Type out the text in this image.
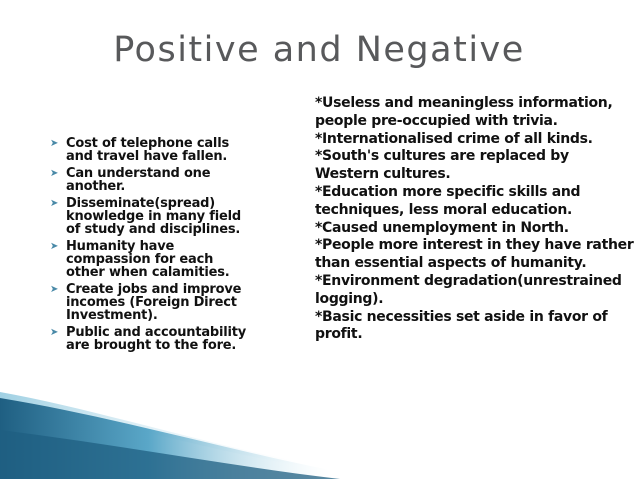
Positive and Negative
➤ Cost of telephone calls and travel have fallen.
➤ Can understand one another.
➤ Disseminate(spread) knowledge in many field of study and disciplines.
➤ Humanity have compassion for each other when calamities.
➤ Create jobs and improve incomes (Foreign Direct Investment).
➤ Public and accountability are brought to the fore.

*Useless and meaningless information, people pre-occupied with trivia.

*Internationalised crime of all kinds.

*South's cultures are replaced by Western cultures.

*Education more specific skills and techniques, less moral education.

*Caused unemployment in North.

*People more interest in they have rather than essential aspects of humanity.

*Environment degradation(unrestrained logging).

*Basic necessities set aside in favor of profit.
